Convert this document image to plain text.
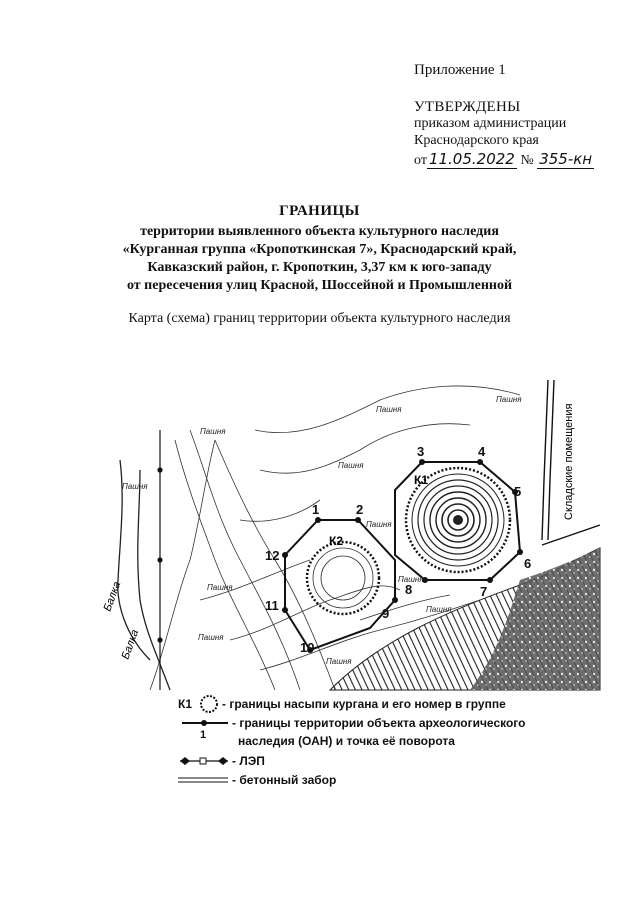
Приложение 1
УТВЕРЖДЕНЫ
приказом администрации
Краснодарского края
от 11.05.2022 № 355-кн
ГРАНИЦЫ
территории выявленного объекта культурного наследия
«Курганная группа «Кропоткинская 7», Краснодарский край,
Кавказский район, г. Кропоткин, 3,37 км к юго-западу
от пересечения улиц Красной, Шоссейной и Промышленной
Карта (схема) границ территории объекта культурного наследия
1	2
3	4
5
6
7
8
9
10
11
12
К1
К2
Пашня
Пашня
Пашня
Пашня
Пашня
Пашня
Пашня
Пашня
Пашня
Пашня
Пашня
Балка
Балка
Складские помещения
К1	- границы насыпи кургана и его номер в группе
- границы территории объекта археологического
1	наследия (ОАН) и точка её поворота
- ЛЭП
- бетонный забор
